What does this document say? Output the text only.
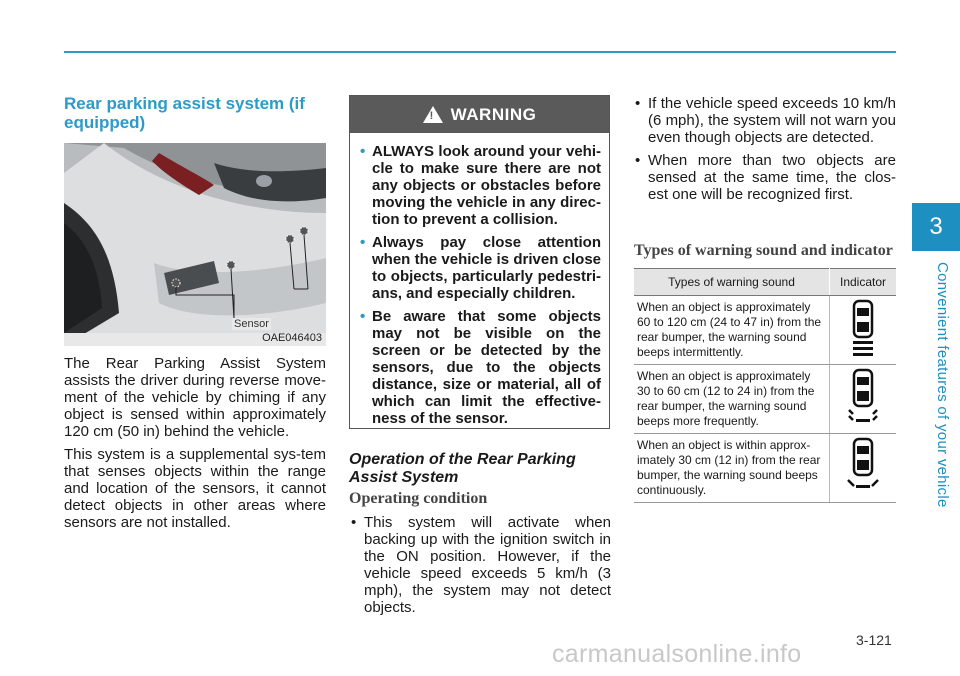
3
Convenient features of your vehicle
Rear parking assist system (if equipped)
Sensor
OAE046403

The Rear Parking Assist System assists the driver during reverse move-ment of the vehicle by chiming if any object is sensed within approximately 120 cm (50 in) behind the vehicle.

This system is a supplemental sys-tem that senses objects within the range and location of the sensors, it cannot detect objects in other areas where sensors are not installed.

! WARNING
• ALWAYS look around your vehi-cle to make sure there are not any objects or obstacles before moving the vehicle in any direc-tion to prevent a collision.
• Always pay close attention when the vehicle is driven close to objects, particularly pedestri-ans, and especially children.
• Be aware that some objects may not be visible on the screen or be detected by the sensors, due to the objects distance, size or material, all of which can limit the effective-ness of the sensor.
Operation of the Rear Parking Assist System
Operating condition
• This system will activate when backing up with the ignition switch in the ON position. However, if the vehicle speed exceeds 5 km/h (3 mph), the system may not detect objects.
• If the vehicle speed exceeds 10 km/h (6 mph), the system will not warn you even though objects are detected.
• When more than two objects are sensed at the same time, the clos-est one will be recognized first.
Types of warning sound and indicator
Types of warning sound	Indicator
When an object is approximately 60 to 120 cm (24 to 47 in) from the rear bumper, the warning sound beeps intermittently.	
When an object is approximately 30 to 60 cm (12 to 24 in) from the rear bumper, the warning sound beeps more frequently.	
When an object is within approx-imately 30 cm (12 in) from the rear bumper, the warning sound beeps continuously.	
3-121
carmanualsonline.info
